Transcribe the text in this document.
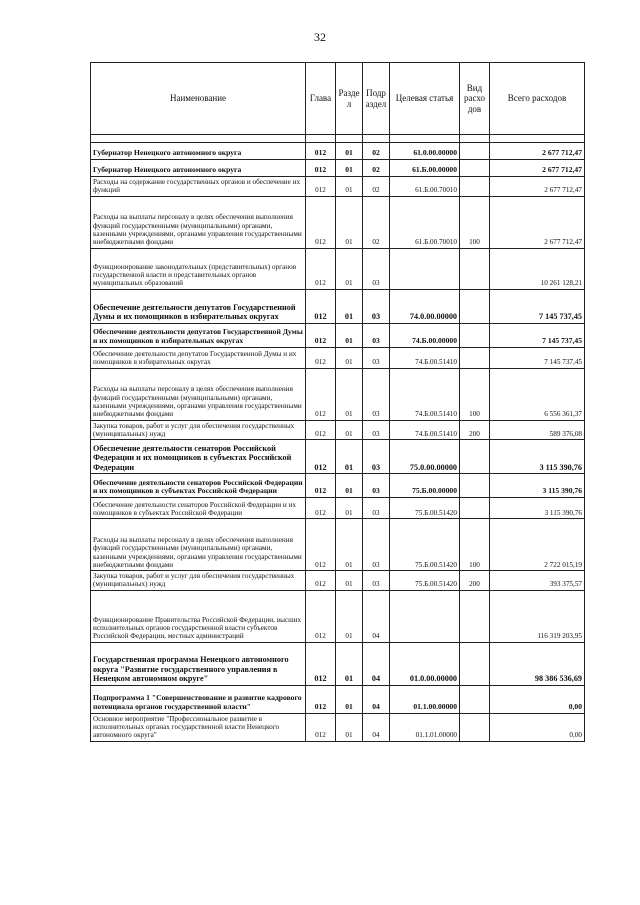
32
Наименование	Глава	Разде л	Подр аздел	Целевая статья	Вид расхо дов	Всего расходов

Губернатор Ненецкого автономного округа	012	01	02	61.0.00.00000		2 677 712,47
Губернатор Ненецкого автономного округа	012	01	02	61.Б.00.00000		2 677 712,47
Расходы на содержание государственных органов и обеспечение их функций	012	01	02	61.Б.00.70010		2 677 712,47
Расходы на выплаты персоналу в целях обеспечения выполнения функций государственными (муниципальными) органами, казенными учреждениями, органами управления государственными внебюджетными фондами	012	01	02	61.Б.00.70010	100	2 677 712,47
Функционирование законодательных (представительных) органов государственной власти и представительных органов муниципальных образований	012	01	03			10 261 128,21
Обеспечение деятельности депутатов Государственной Думы и их помощников в избирательных округах	012	01	03	74.0.00.00000		7 145 737,45
Обеспечение деятельности депутатов Государственной Думы и их помощников в избирательных округах	012	01	03	74.Б.00.00000		7 145 737,45
Обеспечение деятельности депутатов Государственной Думы и их помощников в избирательных округах	012	01	03	74.Б.00.51410		7 145 737,45
Расходы на выплаты персоналу в целях обеспечения выполнения функций государственными (муниципальными) органами, казенными учреждениями, органами управления государственными внебюджетными фондами	012	01	03	74.Б.00.51410	100	6 556 361,37
Закупка товаров, работ и услуг для обеспечения государственных (муниципальных) нужд	012	01	03	74.Б.00.51410	200	589 376,08
Обеспечение деятельности сенаторов Российской Федерации и их помощников в субъектах Российской Федерации	012	01	03	75.0.00.00000		3 115 390,76
Обеспечение деятельности сенаторов Российской Федерации и их помощников в субъектах Российской Федерации	012	01	03	75.Б.00.00000		3 115 390,76
Обеспечение деятельности сенаторов Российской Федерации и их помощников в субъектах Российской Федерации	012	01	03	75.Б.00.51420		3 115 390,76
Расходы на выплаты персоналу в целях обеспечения выполнения функций государственными (муниципальными) органами, казенными учреждениями, органами управления государственными внебюджетными фондами	012	01	03	75.Б.00.51420	100	2 722 015,19
Закупка товаров, работ и услуг для обеспечения государственных (муниципальных) нужд	012	01	03	75.Б.00.51420	200	393 375,57
Функционирование Правительства Российской Федерации, высших исполнительных органов государственной власти субъектов Российской Федерации, местных администраций	012	01	04			116 319 203,95
Государственная программа Ненецкого автономного округа "Развитие государственного управления в Ненецком автономном округе"	012	01	04	01.0.00.00000		98 386 536,69
Подпрограмма 1 "Совершенствование и развитие кадрового потенциала органов государственной власти"	012	01	04	01.1.00.00000		0,00
Основное мероприятие "Профессиональное развитие в исполнительных органах государственной власти Ненецкого автономного округа"	012	01	04	01.1.01.00000		0,00
